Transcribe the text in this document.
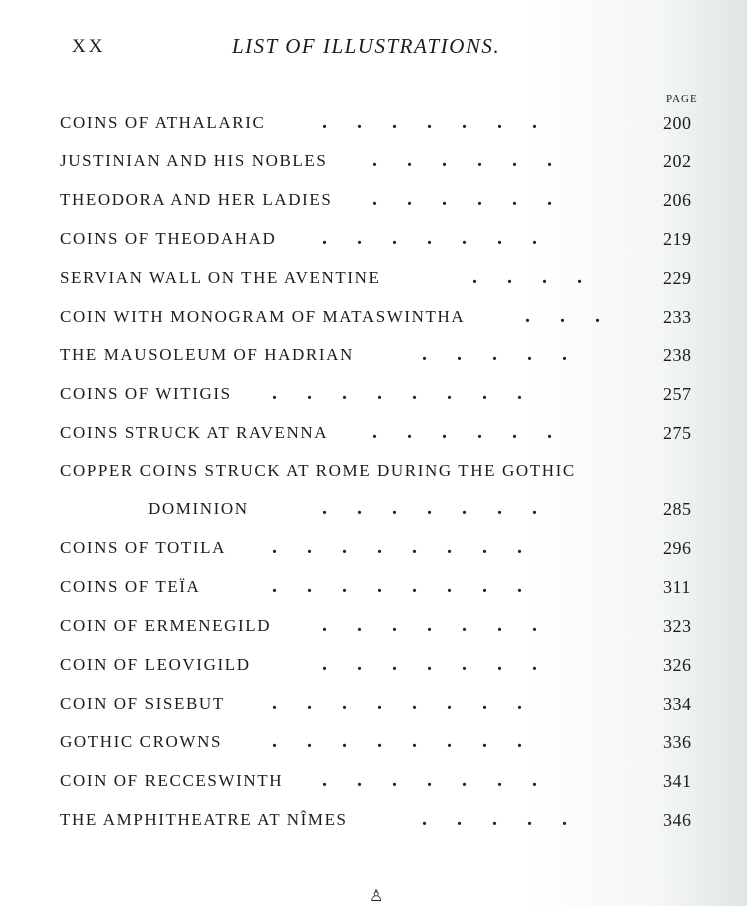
XX	LIST OF ILLUSTRATIONS.
PAGE
COINS OF ATHALARIC	.  .  .  .  .  .  .	200
JUSTINIAN AND HIS NOBLES .  .  .  .  .  .	202
THEODORA AND HER LADIES .  .  .  .  .  .	206
COINS OF THEODAHAD .  .  .  .  .  .  .	219
SERVIAN WALL ON THE AVENTINE	.  .  .  .	229
COIN WITH MONOGRAM OF MATASWINTHA	.  .  .	233
THE MAUSOLEUM OF HADRIAN	.  .  .  .  .	238
COINS OF WITIGIS .  .  .  .  .  .  .  .	257
COINS STRUCK AT RAVENNA .  .  .  .  .  .	275
COPPER COINS STRUCK AT ROME DURING THE GOTHIC
DOMINION	.  .  .  .  .  .  .	285
COINS OF TOTILA .  .  .  .  .  .  .  .	296
COINS OF TEÏA	.  .  .  .  .  .  .  .	311
COIN OF ERMENEGILD	.  .  .  .  .  .  .	323
COIN OF LEOVIGILD	.  .  .  .  .  .  .	326
COIN OF SISEBUT .  .  .  .  .  .  .  .	334
GOTHIC CROWNS	.  .  .  .  .  .  .  .	336
COIN OF RECCESWINTH .  .  .  .  .  .  .	341
THE AMPHITHEATRE AT NÎMES	.  .  .  .  .	346
♙
